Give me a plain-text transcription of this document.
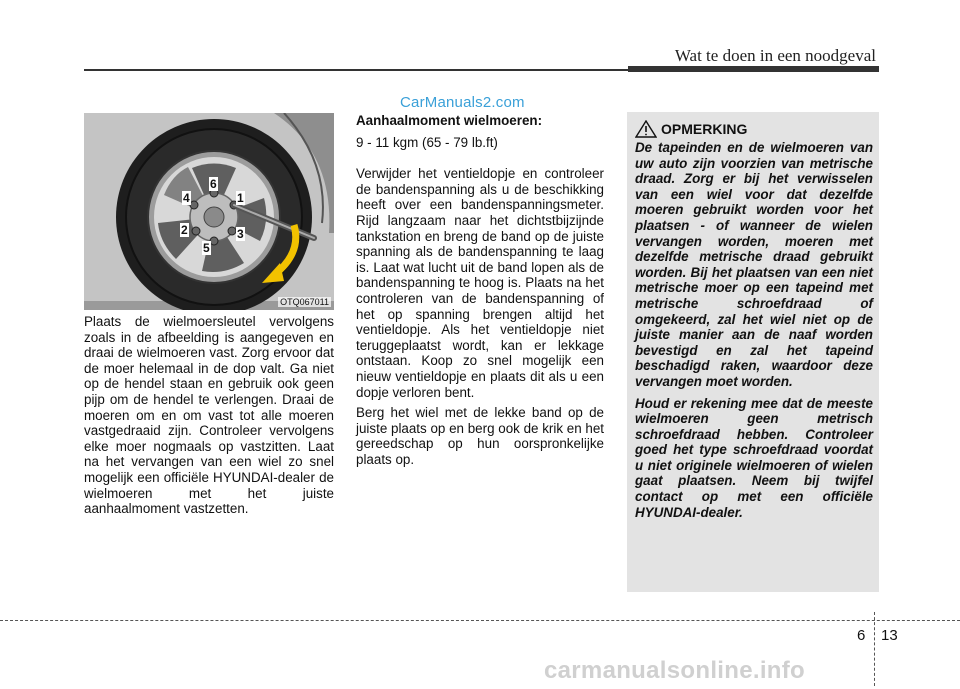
Wat te doen in een noodgeval
CarManuals2.com
6
4	1
2	3
5
OTQ067011

Plaats de wielmoersleutel vervolgens zoals in de afbeelding is aangegeven en draai de wielmoeren vast. Zorg ervoor dat de moer helemaal in de dop valt. Ga niet op de hendel staan en gebruik ook geen pijp om de hendel te verlengen. Draai de moeren om en om vast tot alle moeren vastgedraaid zijn. Controleer vervolgens elke moer nogmaals op vastzitten. Laat na het vervangen van een wiel zo snel mogelijk een officiële HYUNDAI-dealer de wielmoeren met het juiste aanhaalmoment vastzetten.

Aanhaalmoment wielmoeren:

9 - 11 kgm (65 - 79 lb.ft)

Verwijder het ventieldopje en controleer de bandenspanning als u de beschikking heeft over een bandenspanningsmeter. Rijd langzaam naar het dichtstbijzijnde tankstation en breng de band op de juiste spanning als de bandenspanning te laag is. Laat wat lucht uit de band lopen als de bandenspanning te hoog is. Plaats na het controleren van de bandenspanning of het op spanning brengen altijd het ventieldopje. Als het ventieldopje niet teruggeplaatst wordt, kan er lekkage ontstaan. Koop zo snel mogelijk een nieuw ventieldopje en plaats dit als u een dopje verloren bent.

Berg het wiel met de lekke band op de juiste plaats op en berg ook de krik en het gereedschap op hun oorspronkelijke plaats op.

OPMERKING

De tapeinden en de wielmoeren van uw auto zijn voorzien van metrische draad. Zorg er bij het verwisselen van een wiel voor dat dezelfde moeren gebruikt worden voor het plaatsen - of wanneer de wielen vervangen worden, moeren met dezelfde metrische draad gebruikt worden. Bij het plaatsen van een niet metrische moer op een tapeind met metrische schroefdraad of omgekeerd, zal het wiel niet op de juiste manier aan de naaf worden bevestigd en zal het tapeind beschadigd raken, waardoor deze vervangen moet worden.

Houd er rekening mee dat de meeste wielmoeren geen metrisch schroefdraad hebben. Controleer goed het type schroefdraad voordat u niet originele wielmoeren of wielen gaat plaatsen. Neem bij twijfel contact op met een officiële HYUNDAI-dealer.

6 13
carmanualsonline.info
